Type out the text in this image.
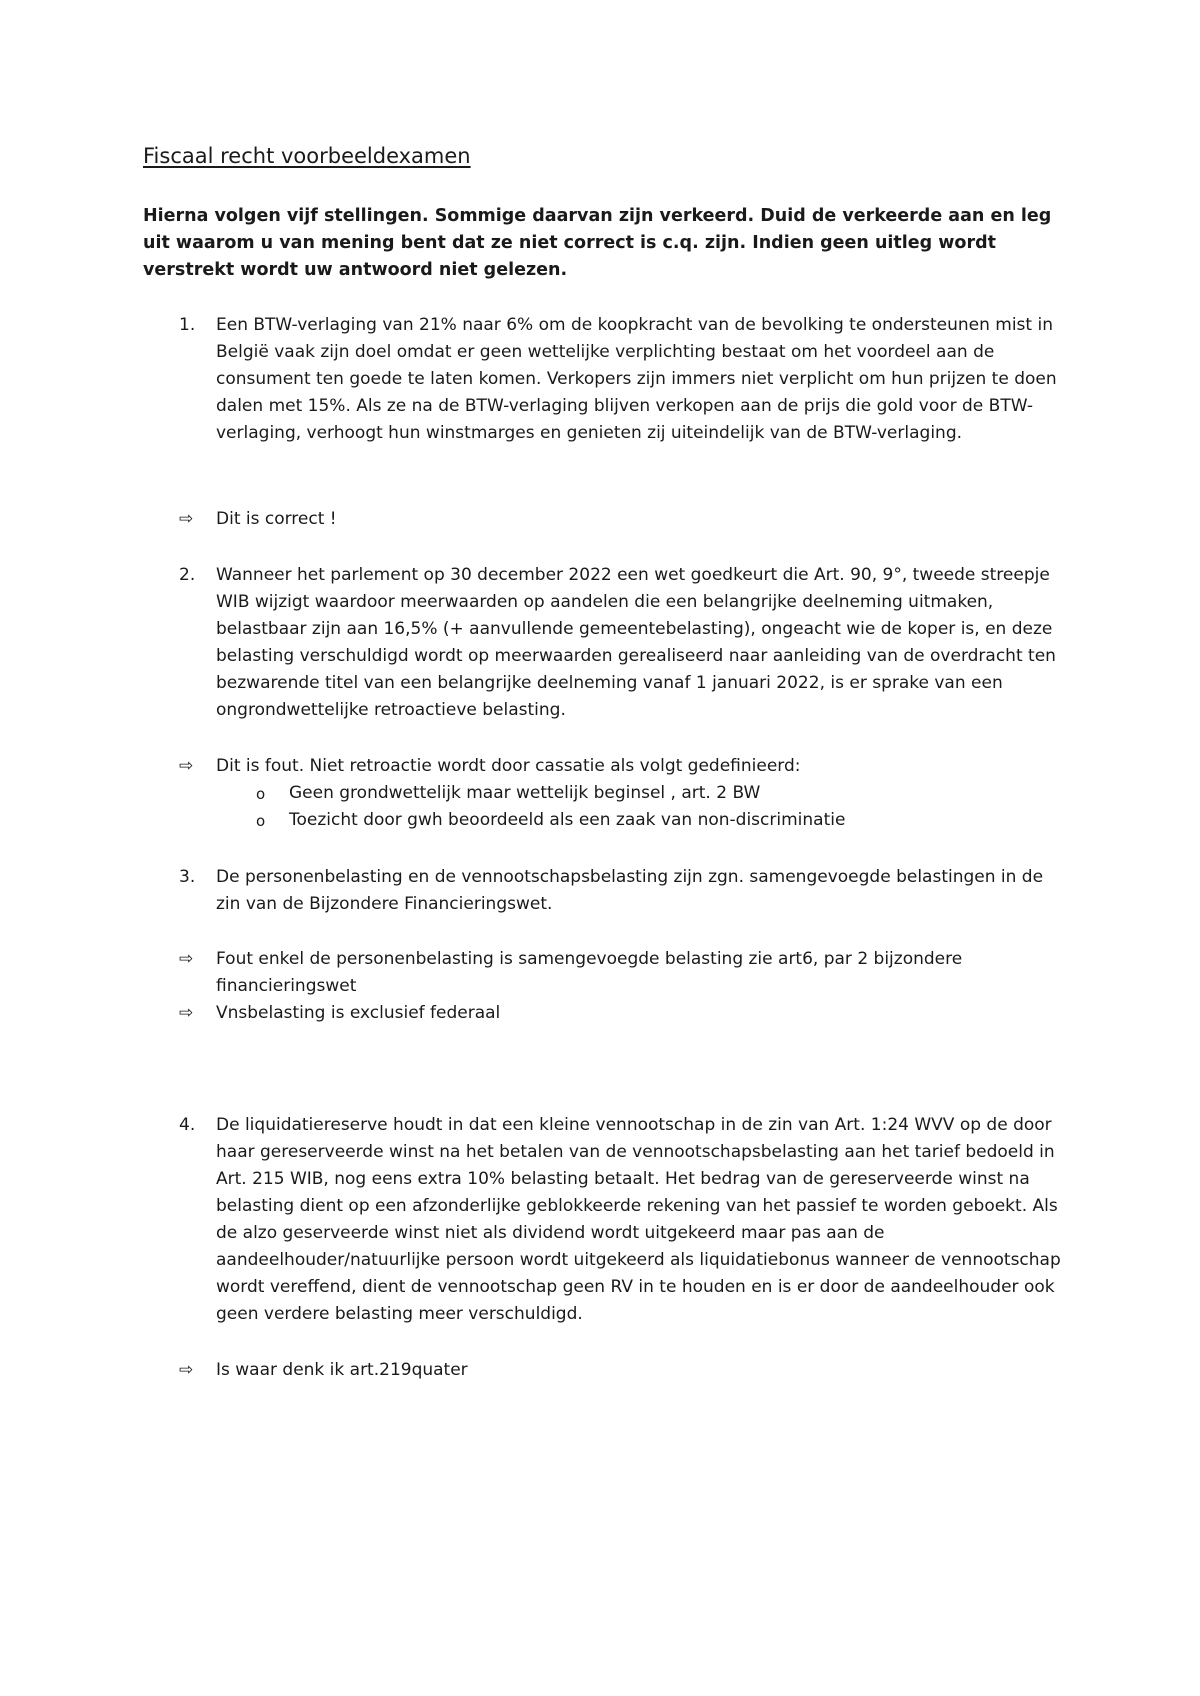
Fiscaal recht voorbeeldexamen
Hierna volgen vijf stellingen. Sommige daarvan zijn verkeerd. Duid de verkeerde aan en leg uit waarom u van mening bent dat ze niet correct is c.q. zijn. Indien geen uitleg wordt verstrekt wordt uw antwoord niet gelezen.
1. Een BTW-verlaging van 21% naar 6% om de koopkracht van de bevolking te ondersteunen mist in België vaak zijn doel omdat er geen wettelijke verplichting bestaat om het voordeel aan de consument ten goede te laten komen. Verkopers zijn immers niet verplicht om hun prijzen te doen dalen met 15%. Als ze na de BTW-verlaging blijven verkopen aan de prijs die gold voor de BTW-verlaging, verhoogt hun winstmarges en genieten zij uiteindelijk van de BTW-verlaging.
⇨ Dit is correct !
2. Wanneer het parlement op 30 december 2022 een wet goedkeurt die Art. 90, 9°, tweede streepje WIB wijzigt waardoor meerwaarden op aandelen die een belangrijke deelneming uitmaken, belastbaar zijn aan 16,5% (+ aanvullende gemeentebelasting), ongeacht wie de koper is, en deze belasting verschuldigd wordt op meerwaarden gerealiseerd naar aanleiding van de overdracht ten bezwarende titel van een belangrijke deelneming vanaf 1 januari 2022, is er sprake van een ongrondwettelijke retroactieve belasting.
⇨ Dit is fout. Niet retroactie wordt door cassatie als volgt gedefinieerd:
o Geen grondwettelijk maar wettelijk beginsel , art. 2 BW
o Toezicht door gwh beoordeeld als een zaak van non-discriminatie
3. De personenbelasting en de vennootschapsbelasting zijn zgn. samengevoegde belastingen in de zin van de Bijzondere Financieringswet.
⇨ Fout enkel de personenbelasting is samengevoegde belasting zie art6, par 2 bijzondere financieringswet
⇨ Vnsbelasting is exclusief federaal
4. De liquidatiereserve houdt in dat een kleine vennootschap in de zin van Art. 1:24 WVV op de door haar gereserveerde winst na het betalen van de vennootschapsbelasting aan het tarief bedoeld in Art. 215 WIB, nog eens extra 10% belasting betaalt. Het bedrag van de gereserveerde winst na belasting dient op een afzonderlijke geblokkeerde rekening van het passief te worden geboekt. Als de alzo geserveerde winst niet als dividend wordt uitgekeerd maar pas aan de aandeelhouder/natuurlijke persoon wordt uitgekeerd als liquidatiebonus wanneer de vennootschap wordt vereffend, dient de vennootschap geen RV in te houden en is er door de aandeelhouder ook geen verdere belasting meer verschuldigd.
⇨ Is waar denk ik art.219quater
